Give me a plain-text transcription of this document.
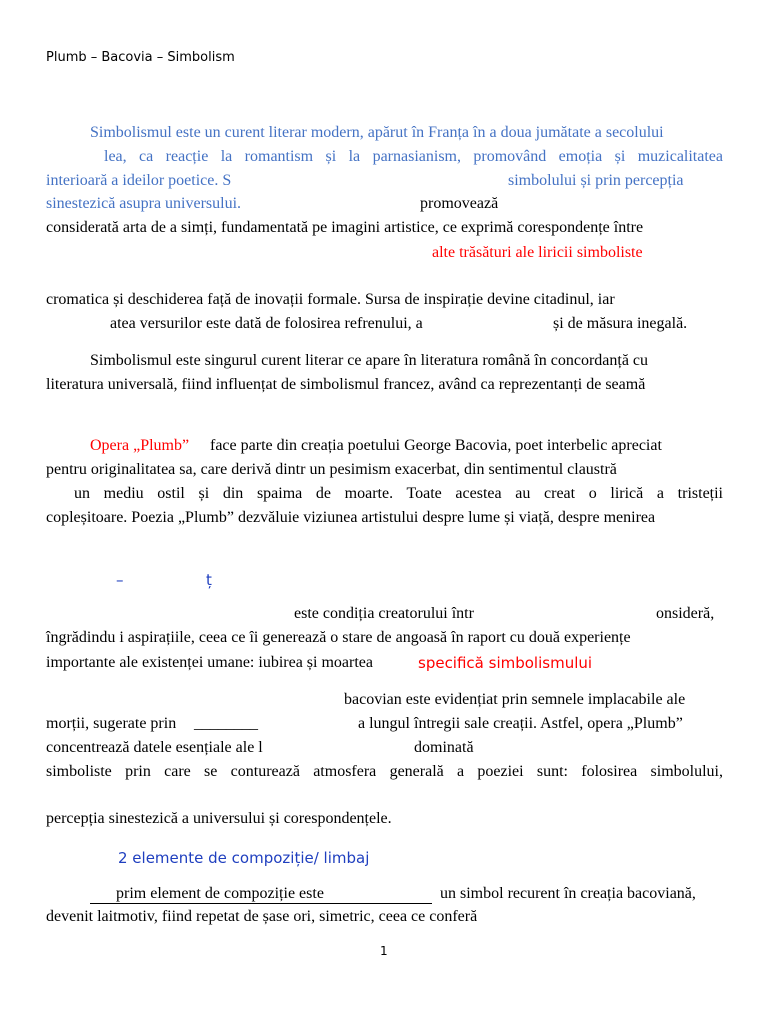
Plumb – Bacovia – Simbolism
Simbolismul este un curent literar modern, apărut în Franța în a doua jumătate a secolului
lea, ca reacție la romantism și la parnasianism, promovând emoția și muzicalitatea
interioară a ideilor poetice. S	simbolului și prin percepția
sinestezică asupra universului.	promovează
considerată arta de a simți, fundamentată pe imagini artistice, ce exprimă corespondențe între
alte trăsături ale liricii simboliste
cromatica și deschiderea față de inovații formale. Sursa de inspirație devine citadinul, iar
atea versurilor este dată de folosirea refrenului, a	și de măsura inegală.
Simbolismul este singurul curent literar ce apare în literatura română în concordanță cu
literatura universală, fiind influențat de simbolismul francez, având ca reprezentanți de seamă
Opera „Plumb” face parte din creația poetului George Bacovia, poet interbelic apreciat
pentru originalitatea sa, care derivă dintr un pesimism exacerbat, din sentimentul claustră
un mediu ostil și din spaima de moarte. Toate acestea au creat o lirică a tristeții
copleșitoare. Poezia „Plumb” dezvăluie viziunea artistului despre lume și viață, despre menirea
–	ț
este condiția creatorului într	onsideră,
îngrădindu i aspirațiile, ceea ce îi generează o stare de angoasă în raport cu două experiențe
importante ale existenței umane: iubirea și moartea	specifică simbolismului
bacovian este evidențiat prin semnele implacabile ale
morții, sugerate prin ________	a lungul întregii sale creații. Astfel, opera „Plumb”
concentrează datele esențiale ale l	dominată
simboliste prin care se conturează atmosfera generală a poeziei sunt: folosirea simbolului,
percepția sinestezică a universului și corespondențele.
2 elemente de compoziție/ limbaj
prim element de compoziție este	un simbol recurent în creația bacoviană,
devenit laitmotiv, fiind repetat de șase ori, simetric, ceea ce conferă
1
